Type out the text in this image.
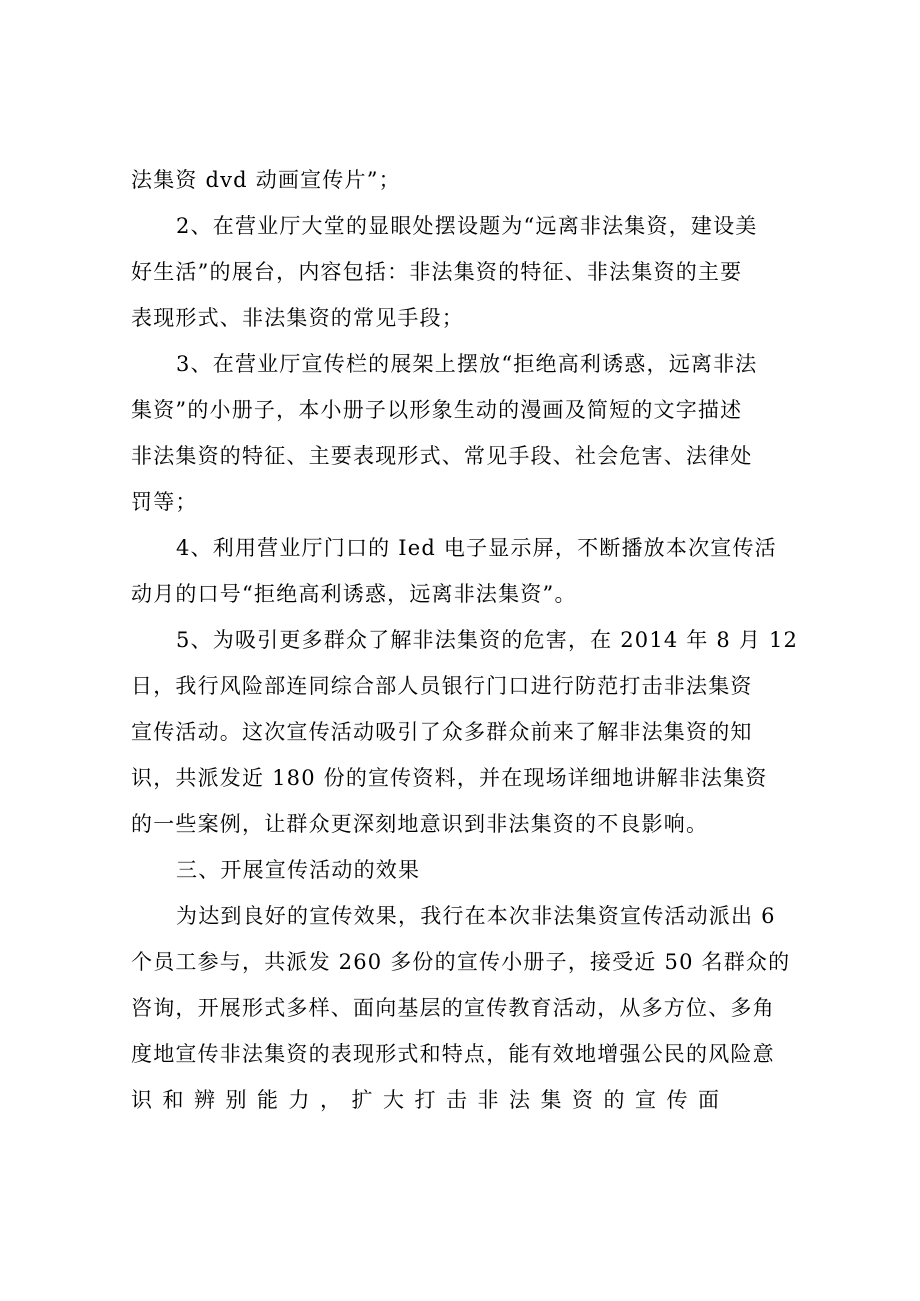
法集资 dvd 动画宣传片”；
2、在营业厅大堂的显眼处摆设题为“远离非法集资，建设美
好生活”的展台，内容包括：非法集资的特征、非法集资的主要
表现形式、非法集资的常见手段；
3、在营业厅宣传栏的展架上摆放“拒绝高利诱惑，远离非法
集资”的小册子，本小册子以形象生动的漫画及简短的文字描述
非法集资的特征、主要表现形式、常见手段、社会危害、法律处
罚等；
4、利用营业厅门口的 Ied 电子显示屏，不断播放本次宣传活
动月的口号“拒绝高利诱惑，远离非法集资”。
5、为吸引更多群众了解非法集资的危害，在 2014 年 8 月 12
日，我行风险部连同综合部人员银行门口进行防范打击非法集资
宣传活动。这次宣传活动吸引了众多群众前来了解非法集资的知
识，共派发近 180 份的宣传资料，并在现场详细地讲解非法集资
的一些案例，让群众更深刻地意识到非法集资的不良影响。
三、开展宣传活动的效果
为达到良好的宣传效果，我行在本次非法集资宣传活动派出 6
个员工参与，共派发 260 多份的宣传小册子，接受近 50 名群众的
咨询，开展形式多样、面向基层的宣传教育活动，从多方位、多角
度地宣传非法集资的表现形式和特点，能有效地增强公民的风险意
识和辨别能力，扩大打击非法集资的宣传面
